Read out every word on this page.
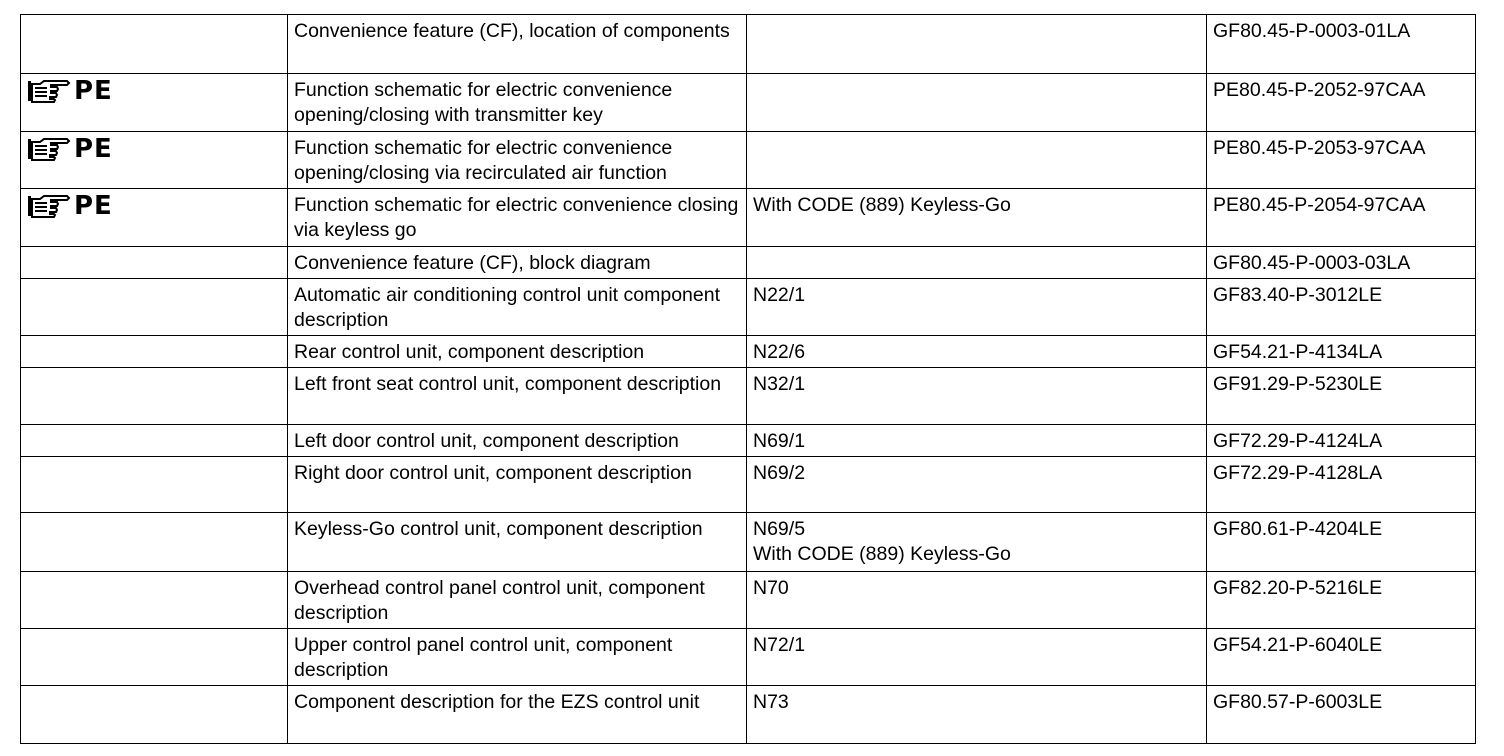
	Convenience feature (CF), location of components		GF80.45-P-0003-01LA

PE	Function schematic for electric convenience opening/closing with transmitter key		PE80.45-P-2052-97CAA

PE	Function schematic for electric convenience opening/closing via recirculated air function		PE80.45-P-2053-97CAA

PE	Function schematic for electric convenience closing via keyless go	With CODE (889) Keyless-Go	PE80.45-P-2054-97CAA
	Convenience feature (CF), block diagram		GF80.45-P-0003-03LA
	Automatic air conditioning control unit component description	N22/1	GF83.40-P-3012LE
	Rear control unit, component description	N22/6	GF54.21-P-4134LA
	Left front seat control unit, component description	N32/1	GF91.29-P-5230LE
	Left door control unit, component description	N69/1	GF72.29-P-4124LA
	Right door control unit, component description	N69/2	GF72.29-P-4128LA
	Keyless-Go control unit, component description	N69/5
With CODE (889) Keyless-Go	GF80.61-P-4204LE
	Overhead control panel control unit, component description	N70	GF82.20-P-5216LE
	Upper control panel control unit, component description	N72/1	GF54.21-P-6040LE
	Component description for the EZS control unit	N73	GF80.57-P-6003LE
